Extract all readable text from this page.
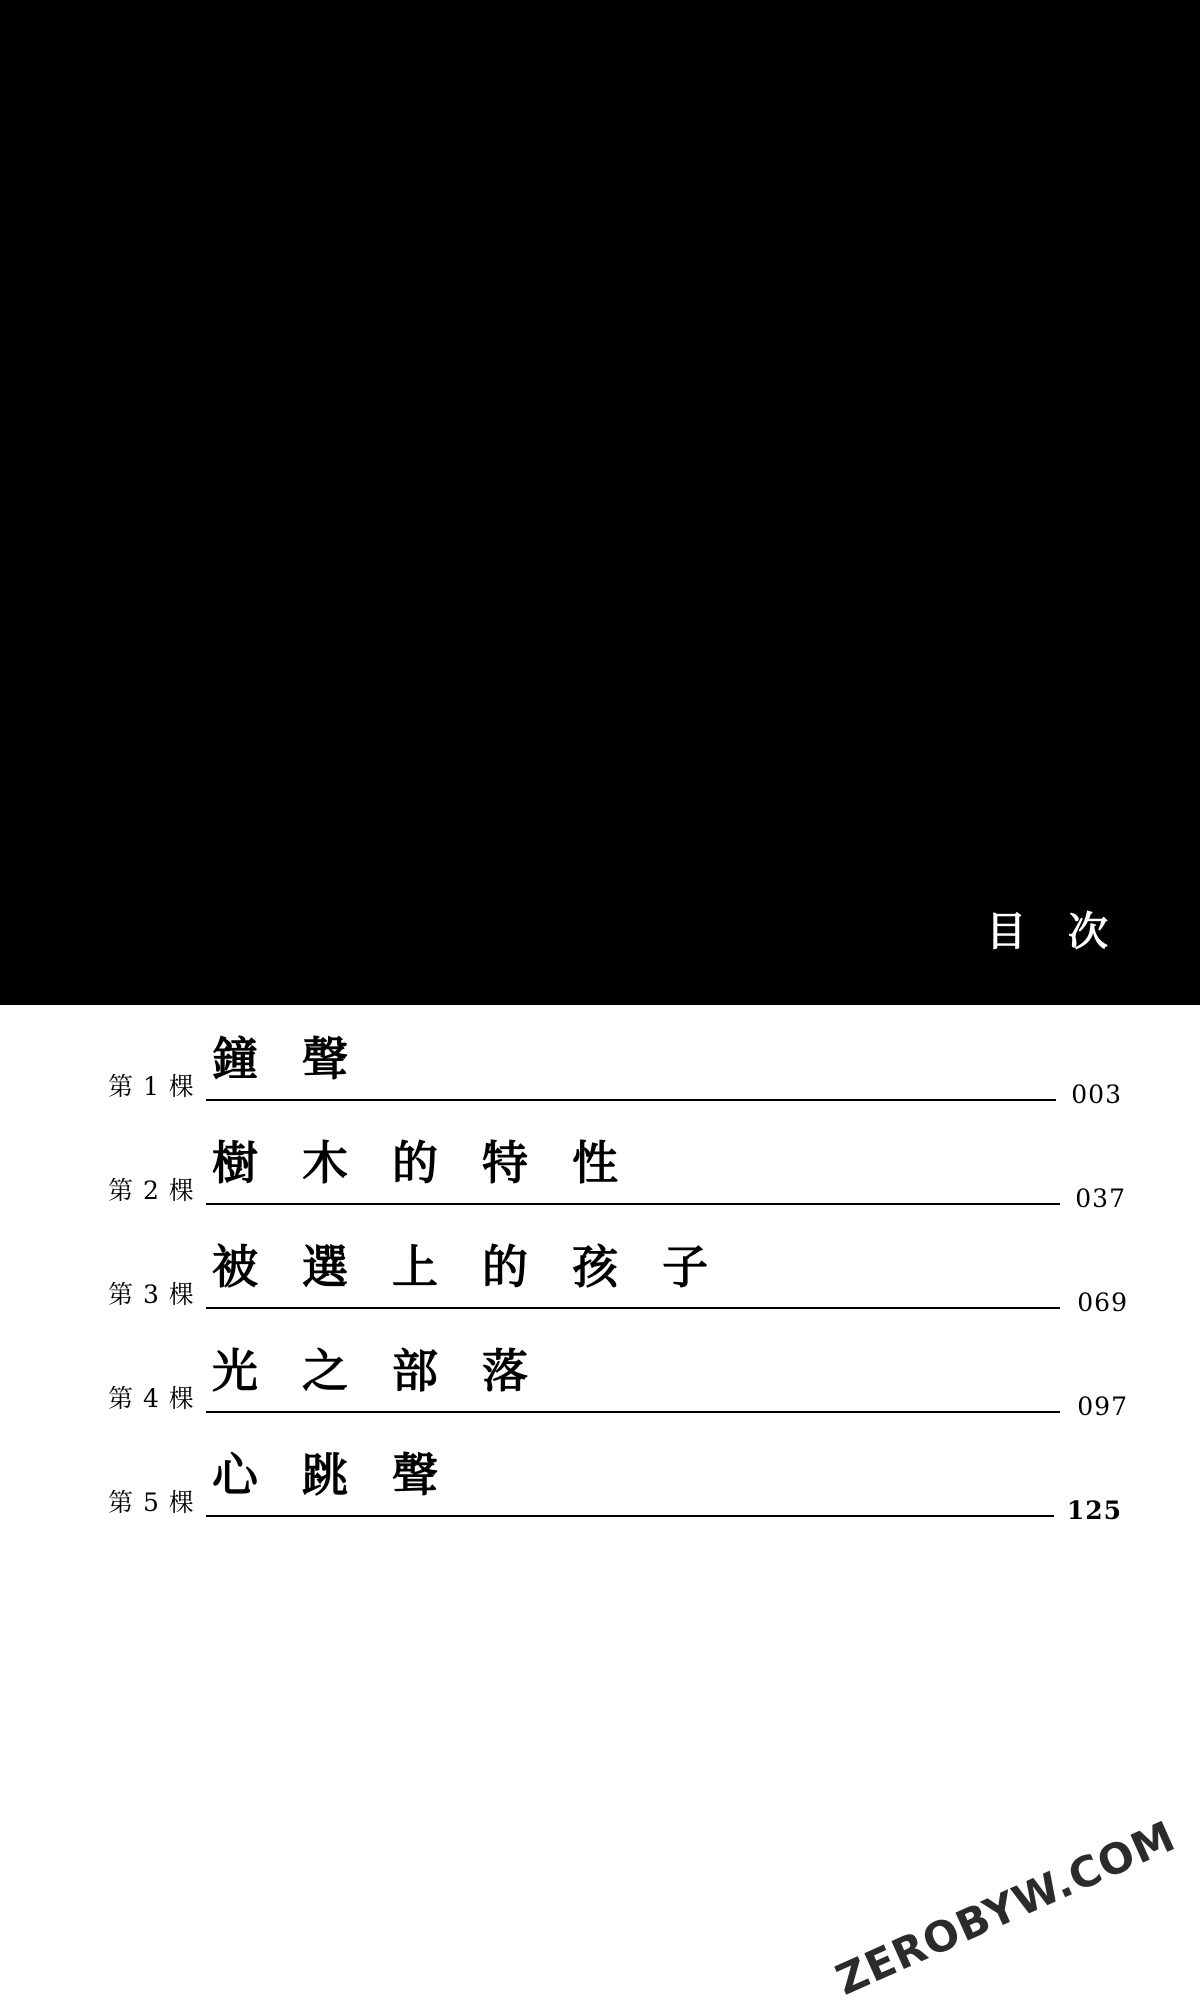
目 次
第 1 棵
鐘 聲
003
第 2 棵
樹 木 的 特 性
037
第 3 棵
被 選 上 的 孩 子
069
第 4 棵
光 之 部 落
097
第 5 棵
心 跳 聲
125
ZEROBYW.COM
